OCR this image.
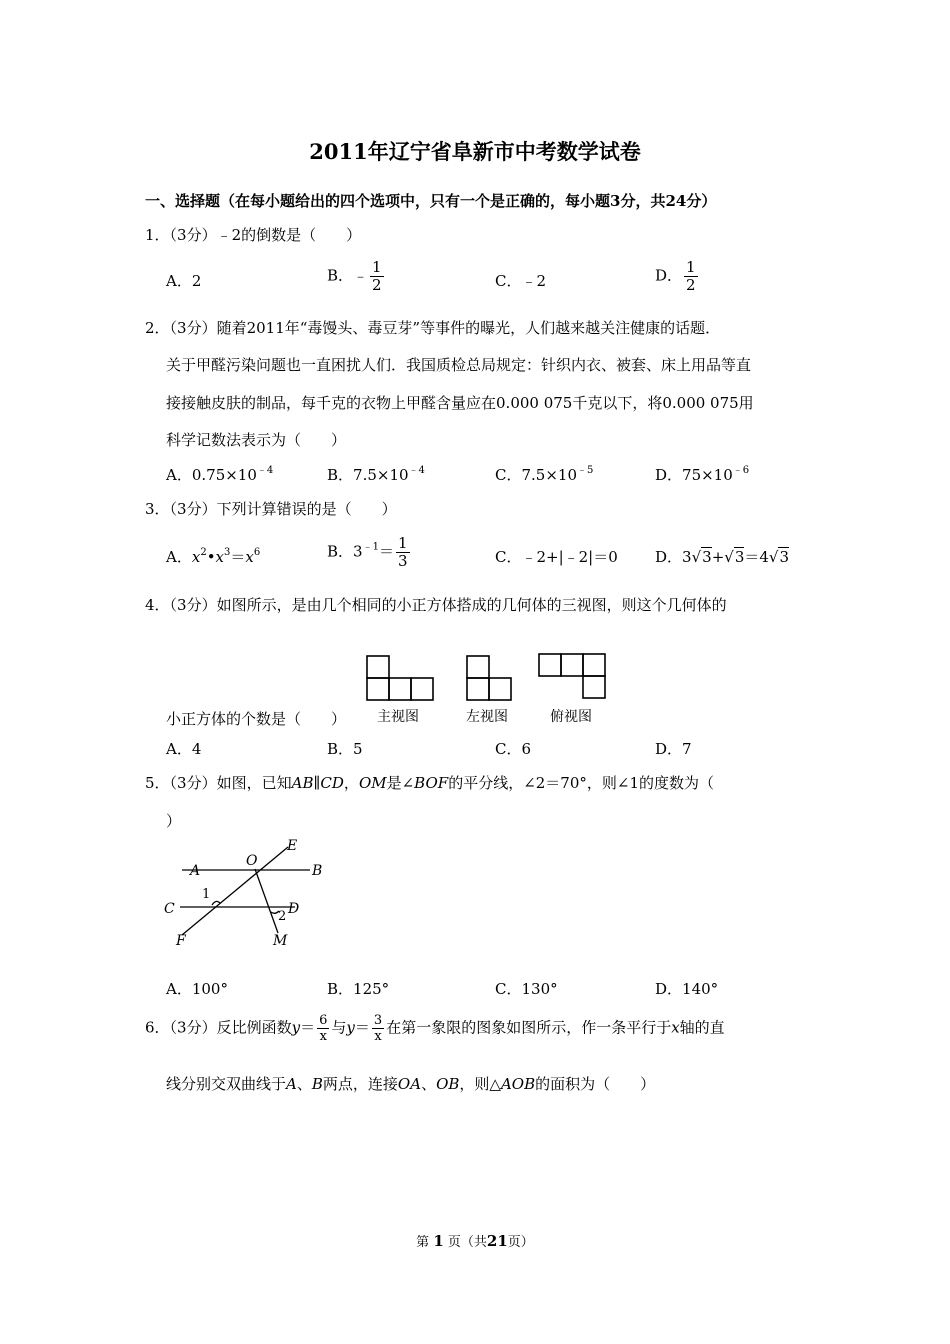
2011年辽宁省阜新市中考数学试卷
一、选择题（在每小题给出的四个选项中，只有一个是正确的，每小题3分，共24分）
1．（3分）﹣2的倒数是（　　）
A．2	B．﹣ $\frac{1}{2}$	C．﹣2	D． $\frac{1}{2}$
2．（3分）随着2011年“毒馒头、毒豆芽”等事件的曝光，人们越来越关注健康的话题．
关于甲醛污染问题也一直困扰人们．我国质检总局规定：针织内衣、被套、床上用品等直
接接触皮肤的制品，每千克的衣物上甲醛含量应在0.000 075千克以下，将0.000 075用
科学记数法表示为（　　）
A．$0.75\times 10^{﹣4}$	B．$7.5\times 10^{﹣4}$	C．$7.5\times 10^{﹣5}$	D．$75\times 10^{﹣6}$
3．（3分）下列计算错误的是（　　）
A．$x^2•x^3=x^6$	B．$3^{﹣1}= \frac{1}{3}$	C．﹣2+|﹣2|＝0 D．3√3+√3＝4√3
4．（3分）如图所示，是由几个相同的小正方体搭成的几何体的三视图，则这个几何体的
小正方体的个数是（　　） 主视图	左视图	俯视图
A．4	B．5	C．6	D．7
5．（3分）如图，已知AB∥CD，OM是∠BOF的平分线，∠2＝70°，则∠1的度数为（
）
E
A
O
B
C	D
F	M
1
2
A．100°	B．125°	C．130°	D．140°
6．（3分）反比例函数$y= \frac{6}{x}$ 与$y= \frac{3}{x}$ 在第一象限的图象如图所示，作一条平行于x轴的直
线分别交双曲线于A、B两点，连接OA、OB，则△AOB的面积为（　　）
第 1 页（共21页）
